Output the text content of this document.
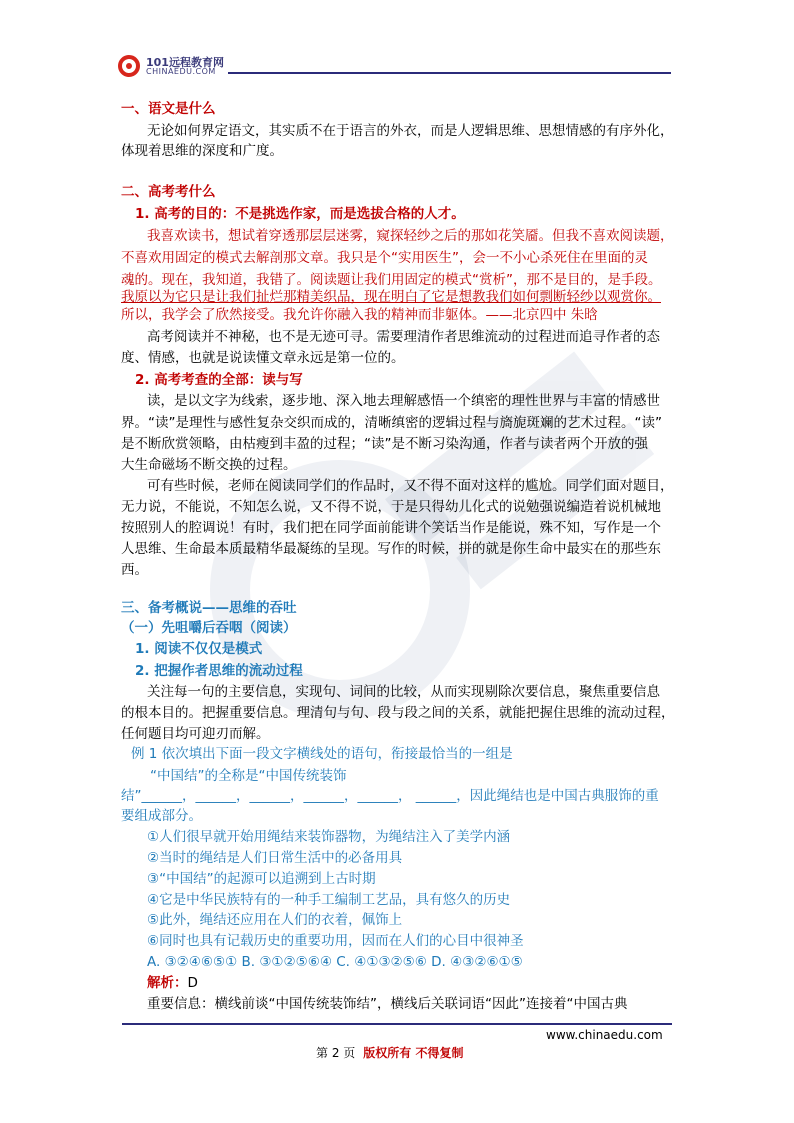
101远程教育网
CHINAEDU.COM
一、语文是什么
无论如何界定语文，其实质不在于语言的外衣，而是人逻辑思维、思想情感的有序外化，
体现着思维的深度和广度。
二、高考考什么
1. 高考的目的：不是挑选作家，而是选拔合格的人才。
我喜欢读书，想试着穿透那层层迷雾，窥探轻纱之后的那如花笑靥。但我不喜欢阅读题，
不喜欢用固定的模式去解剖那文章。我只是个“实用医生”，会一不小心杀死住在里面的灵
魂的。现在，我知道，我错了。阅读题让我们用固定的模式“赏析”，那不是目的，是手段。
我原以为它只是让我们扯烂那精美织品，现在明白了它是想教我们如何剽断轻纱以观赏你。
所以，我学会了欣然接受。我允许你融入我的精神而非躯体。——北京四中 朱晗
高考阅读并不神秘，也不是无迹可寻。需要理清作者思维流动的过程进而追寻作者的态
度、情感，也就是说读懂文章永远是第一位的。
2. 高考考查的全部：读与写
读，是以文字为线索，逐步地、深入地去理解感悟一个缜密的理性世界与丰富的情感世
界。“读”是理性与感性复杂交织而成的，清晰缜密的逻辑过程与旖旎斑斓的艺术过程。“读”
是不断欣赏领略，由枯瘦到丰盈的过程；“读”是不断习染沟通，作者与读者两个开放的强
大生命磁场不断交换的过程。
可有些时候，老师在阅读同学们的作品时，又不得不面对这样的尴尬。同学们面对题目，
无力说，不能说，不知怎么说，又不得不说，于是只得幼儿化式的说勉强说编造着说机械地
按照别人的腔调说！有时，我们把在同学面前能讲个笑话当作是能说，殊不知，写作是一个
人思维、生命最本质最精华最凝练的呈现。写作的时候，拼的就是你生命中最实在的那些东
西。
三、备考概说——思维的吞吐
（一）先咀嚼后吞咽（阅读）
1. 阅读不仅仅是模式
2. 把握作者思维的流动过程
关注每一句的主要信息，实现句、词间的比较，从而实现剔除次要信息，聚焦重要信息
的根本目的。把握重要信息。理清句与句、段与段之间的关系，就能把握住思维的流动过程，
任何题目均可迎刃而解。
例 1 依次填出下面一段文字横线处的语句，衔接最恰当的一组是
“中国结”的全称是“中国传统装饰
结”______，______，______，______，______， ______，因此绳结也是中国古典服饰的重
要组成部分。
①人们很早就开始用绳结来装饰器物，为绳结注入了美学内涵
②当时的绳结是人们日常生活中的必备用具
③“中国结”的起源可以追溯到上古时期
④它是中华民族特有的一种手工编制工艺品，具有悠久的历史
⑤此外，绳结还应用在人们的衣着，佩饰上
⑥同时也具有记载历史的重要功用，因而在人们的心目中很神圣
A. ③②④⑥⑤① B. ③①②⑤⑥④ C. ④①③②⑤⑥ D. ④③②⑥①⑤
解析：D
重要信息：横线前谈“中国传统装饰结”，横线后关联词语“因此”连接着“中国古典
www.chinaedu.com
第 2 页 版权所有 不得复制
